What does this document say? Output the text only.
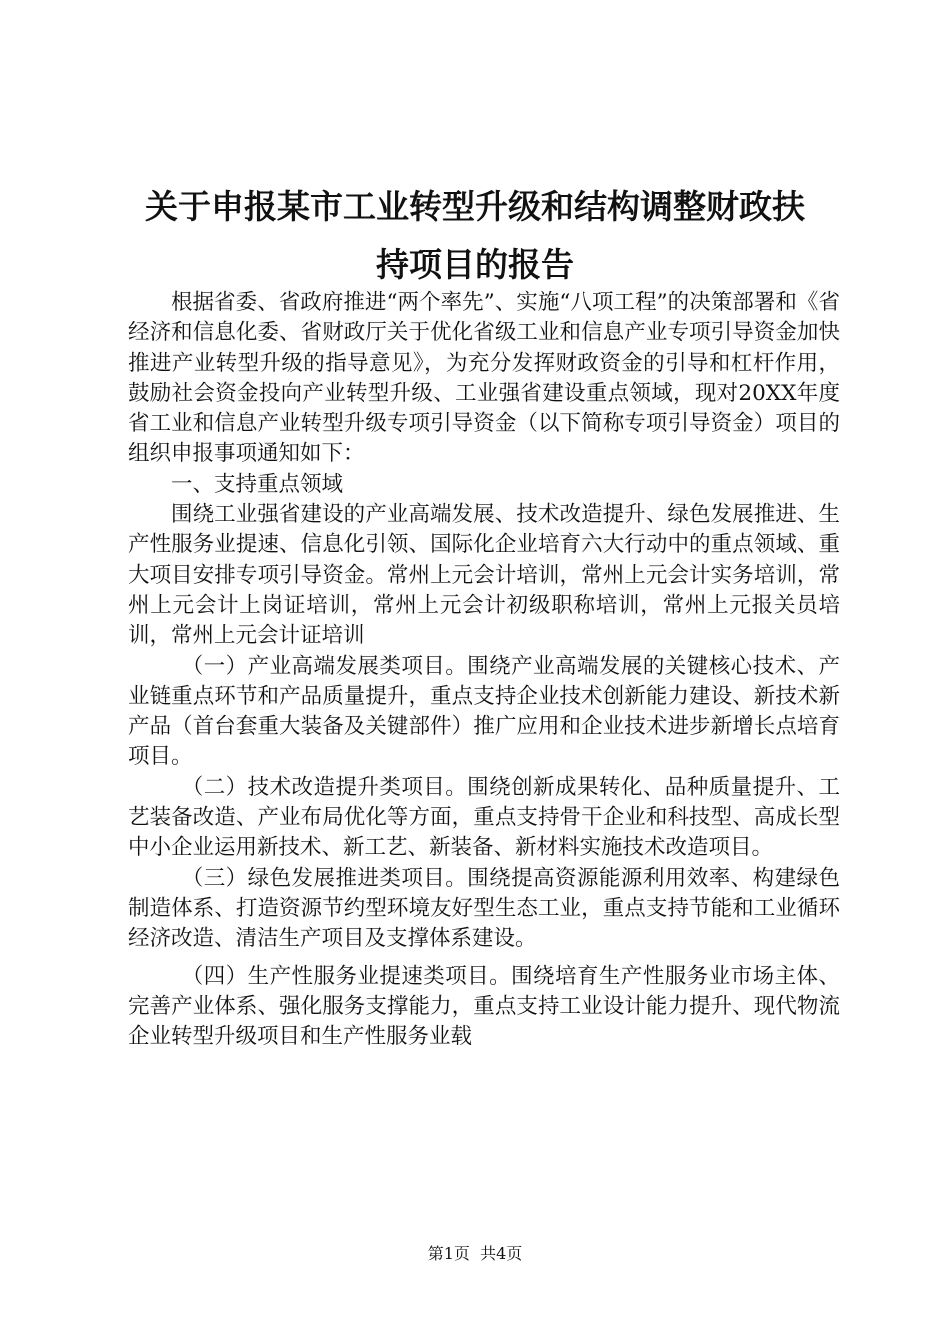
关于申报某市工业转型升级和结构调整财政扶
持项目的报告

根据省委、省政府推进“两个率先”、实施“八项工程”的决策部署和《省经济和信息化委、省财政厅关于优化省级工业和信息产业专项引导资金加快推进产业转型升级的指导意见》，为充分发挥财政资金的引导和杠杆作用，鼓励社会资金投向产业转型升级、工业强省建设重点领域，现对20XX年度省工业和信息产业转型升级专项引导资金（以下简称专项引导资金）项目的组织申报事项通知如下：

一、支持重点领域

围绕工业强省建设的产业高端发展、技术改造提升、绿色发展推进、生产性服务业提速、信息化引领、国际化企业培育六大行动中的重点领域、重大项目安排专项引导资金。常州上元会计培训，常州上元会计实务培训，常州上元会计上岗证培训，常州上元会计初级职称培训，常州上元报关员培训，常州上元会计证培训

（一）产业高端发展类项目。围绕产业高端发展的关键核心技术、产业链重点环节和产品质量提升，重点支持企业技术创新能力建设、新技术新产品（首台套重大装备及关键部件）推广应用和企业技术进步新增长点培育项目。

（二）技术改造提升类项目。围绕创新成果转化、品种质量提升、工艺装备改造、产业布局优化等方面，重点支持骨干企业和科技型、高成长型中小企业运用新技术、新工艺、新装备、新材料实施技术改造项目。

（三）绿色发展推进类项目。围绕提高资源能源利用效率、构建绿色制造体系、打造资源节约型环境友好型生态工业，重点支持节能和工业循环经济改造、清洁生产项目及支撑体系建设。

（四）生产性服务业提速类项目。围绕培育生产性服务业市场主体、完善产业体系、强化服务支撑能力，重点支持工业设计能力提升、现代物流企业转型升级项目和生产性服务业载

第1页 共4页
